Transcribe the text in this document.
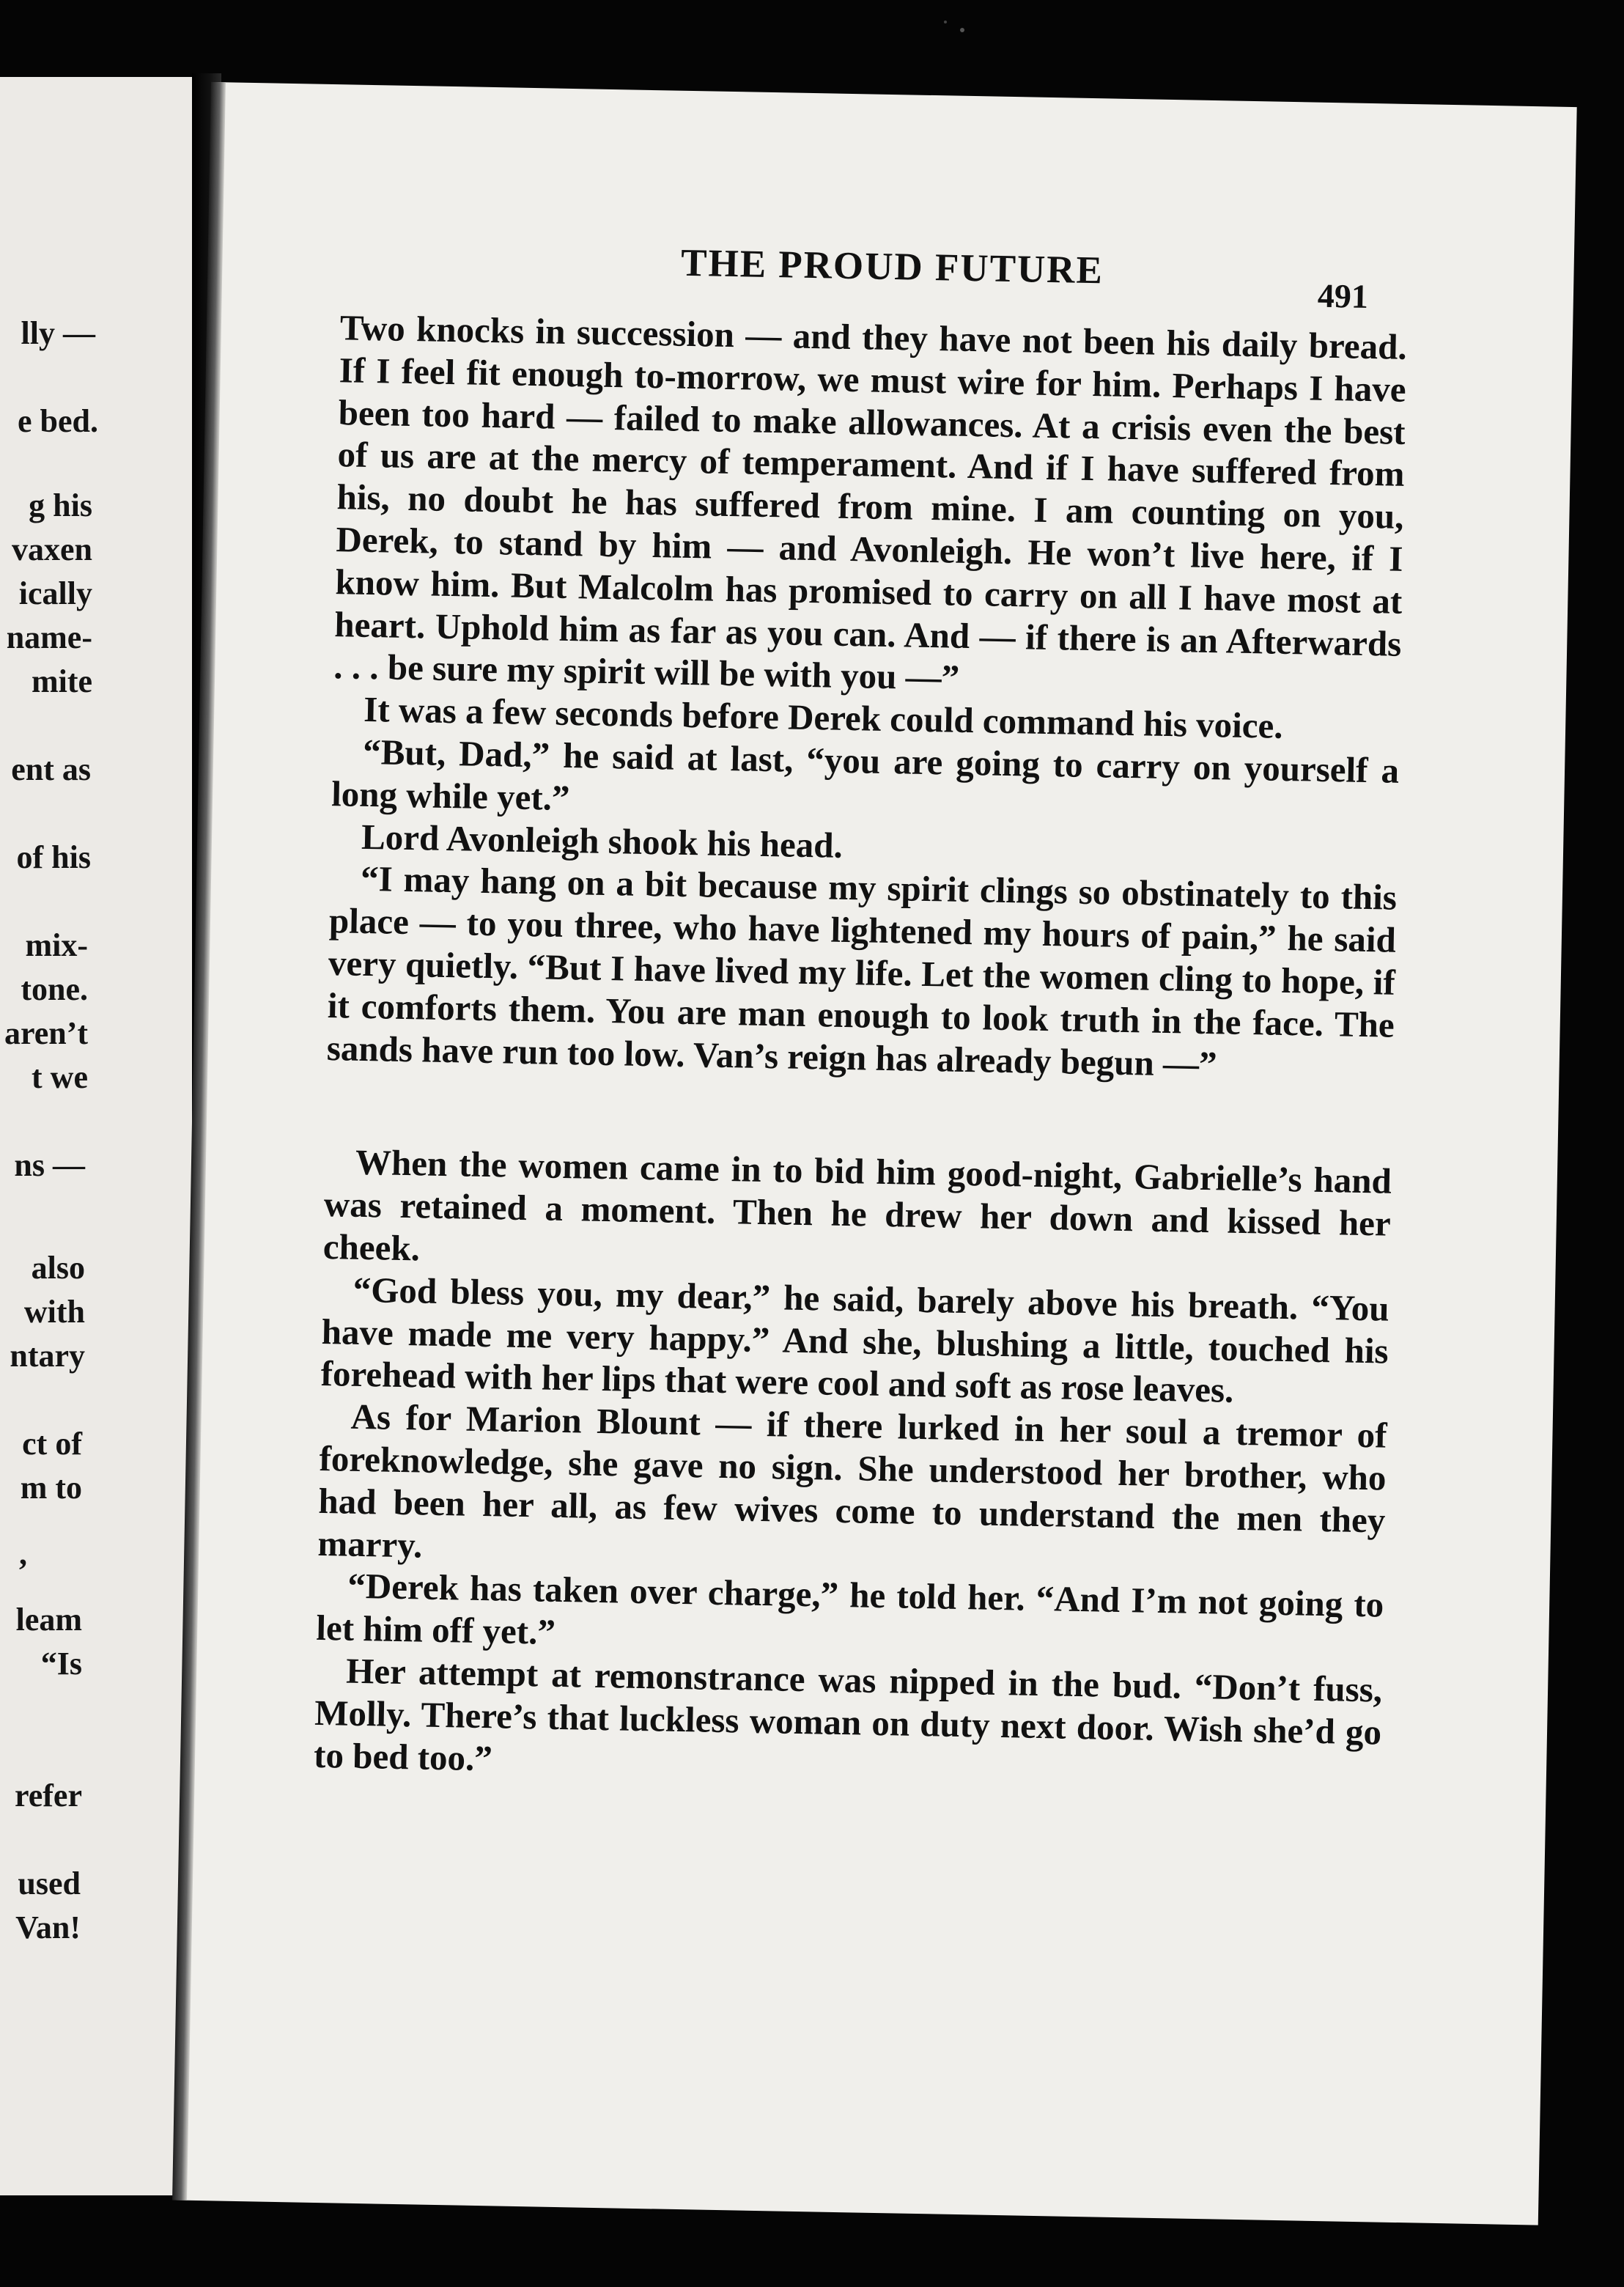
lly —
e bed.
g his
vaxen
ically
name-
mite
ent as
of his
mix-
tone.
aren’t
t we
ns —
also
with
ntary
ct of
m to
,
leam
“Is
refer
used
Van!
THE PROUD FUTURE
491

Two knocks in succession — and they have not been his daily bread. If I feel fit enough to-morrow, we must wire for him. Perhaps I have been too hard — failed to make allowances. At a crisis even the best of us are at the mercy of temperament. And if I have suffered from his, no doubt he has suffered from mine. I am counting on you, Derek, to stand by him — and Avonleigh. He won’t live here, if I know him. But Malcolm has promised to carry on all I have most at heart. Uphold him as far as you can. And — if there is an Afterwards . . . be sure my spirit will be with you —”

It was a few seconds before Derek could command his voice.

“But, Dad,” he said at last, “you are going to carry on yourself a long while yet.”

Lord Avonleigh shook his head.

“I may hang on a bit because my spirit clings so obstinately to this place — to you three, who have lightened my hours of pain,” he said very quietly. “But I have lived my life. Let the women cling to hope, if it comforts them. You are man enough to look truth in the face. The sands have run too low. Van’s reign has already begun —”

When the women came in to bid him good-night, Gabrielle’s hand was retained a moment. Then he drew her down and kissed her cheek.

“God bless you, my dear,” he said, barely above his breath. “You have made me very happy.” And she, blushing a little, touched his forehead with her lips that were cool and soft as rose leaves.

As for Marion Blount — if there lurked in her soul a tremor of foreknowledge, she gave no sign. She understood her brother, who had been her all, as few wives come to understand the men they marry.

“Derek has taken over charge,” he told her. “And I’m not going to let him off yet.”

Her attempt at remonstrance was nipped in the bud. “Don’t fuss, Molly. There’s that luckless woman on duty next door. Wish she’d go to bed too.”
